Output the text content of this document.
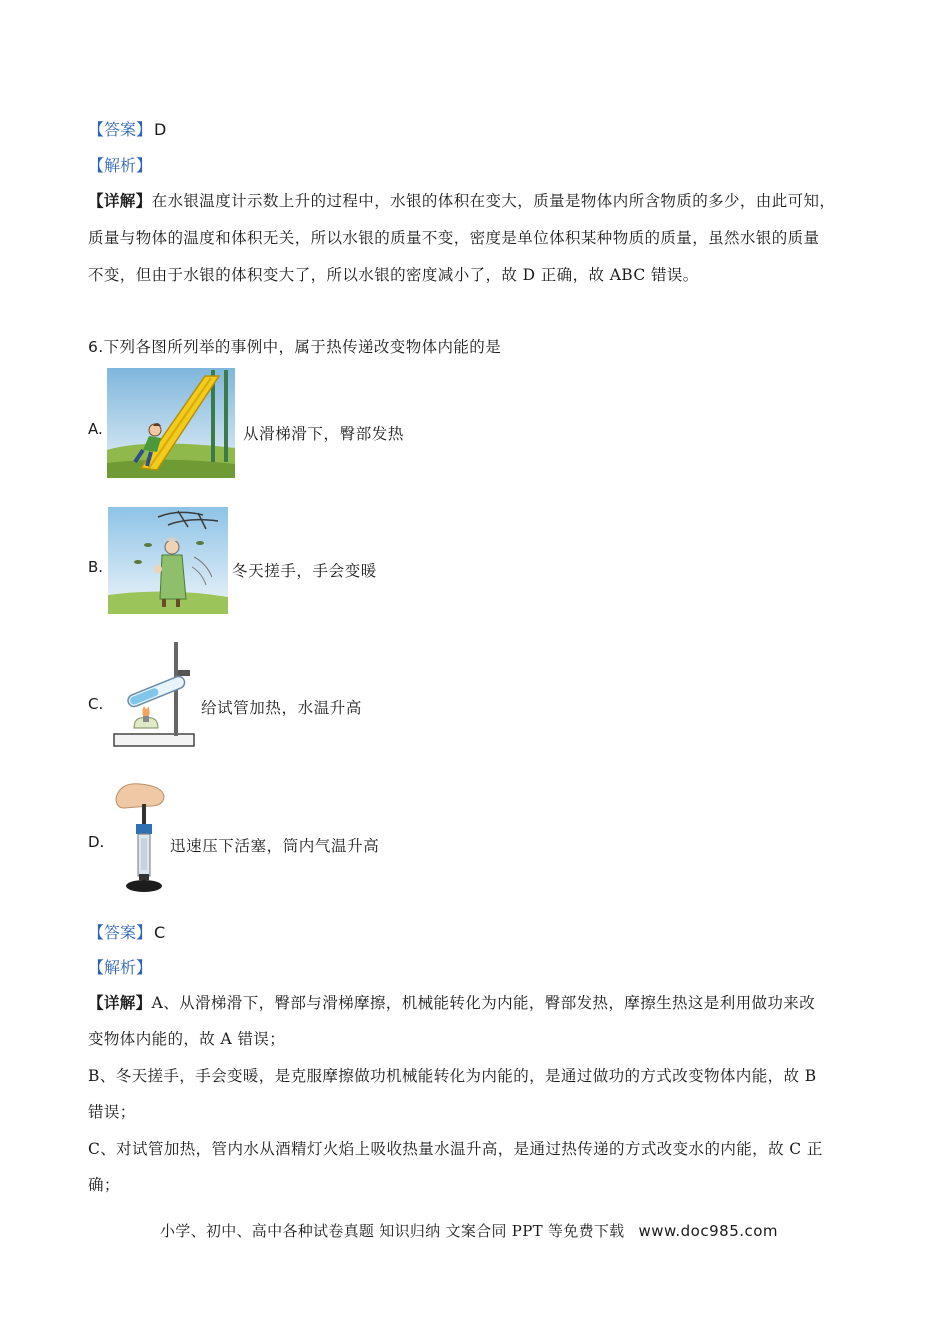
【答案】 D
【解析】
【详解】在水银温度计示数上升的过程中，水银的体积在变大，质量是物体内所含物质的多少，由此可知，
质量与物体的温度和体积无关，所以水银的质量不变，密度是单位体积某种物质的质量，虽然水银的质量
不变，但由于水银的体积变大了，所以水银的密度减小了，故 D 正确，故 ABC 错误。
6.下列各图所列举的事例中，属于热传递改变物体内能的是
A.	从滑梯滑下，臀部发热
B.	冬天搓手，手会变暖
C.	给试管加热，水温升高
D.	迅速压下活塞，筒内气温升高
【答案】 C
【解析】
【详解】A、从滑梯滑下，臀部与滑梯摩擦，机械能转化为内能，臀部发热，摩擦生热这是利用做功来改
变物体内能的，故 A 错误；
B、冬天搓手，手会变暖，是克服摩擦做功机械能转化为内能的，是通过做功的方式改变物体内能，故 B
错误；
C、对试管加热，管内水从酒精灯火焰上吸收热量水温升高，是通过热传递的方式改变水的内能，故 C 正
确；
小学、初中、高中各种试卷真题 知识归纳 文案合同 PPT 等免费下载 www.doc985.com
